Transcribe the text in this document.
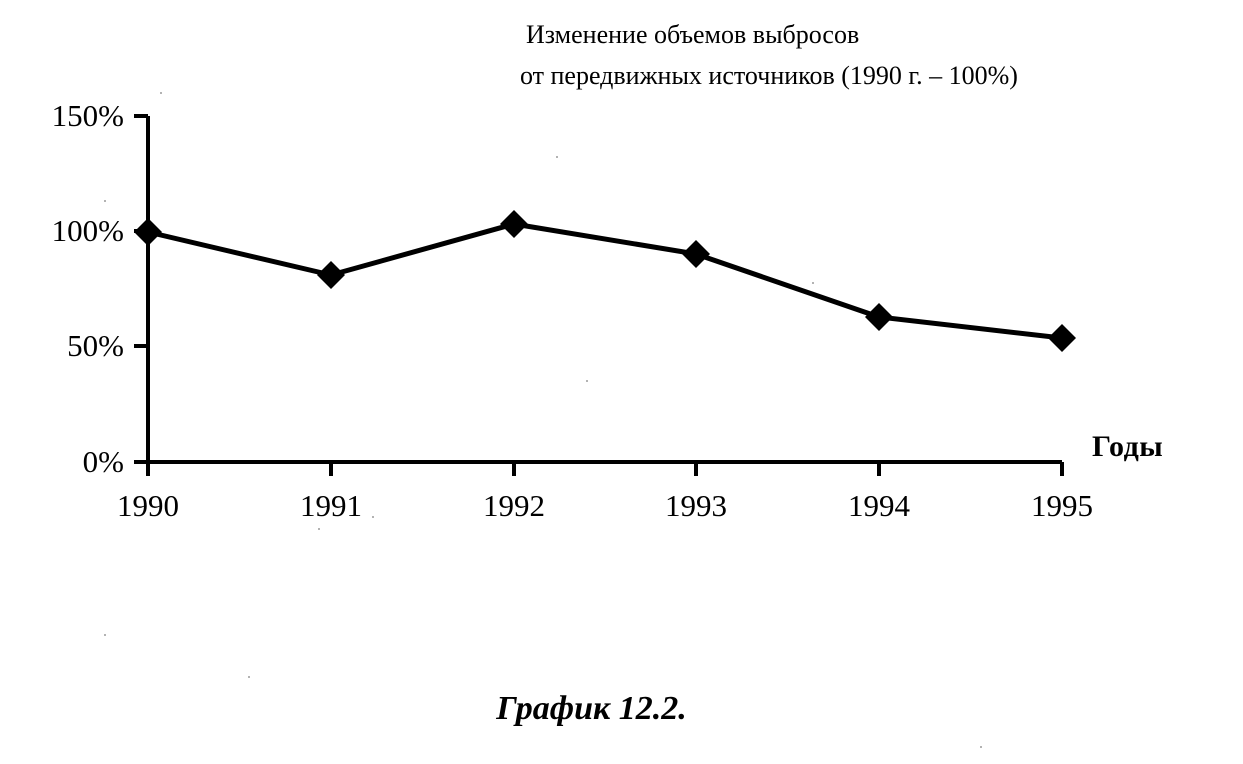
Изменение объемов выбросов
от передвижных источников (1990 г. – 100%)
150%
100%
50%
0%
1990	1991	1992	1993	1994	1995
Годы
График 12.2.
